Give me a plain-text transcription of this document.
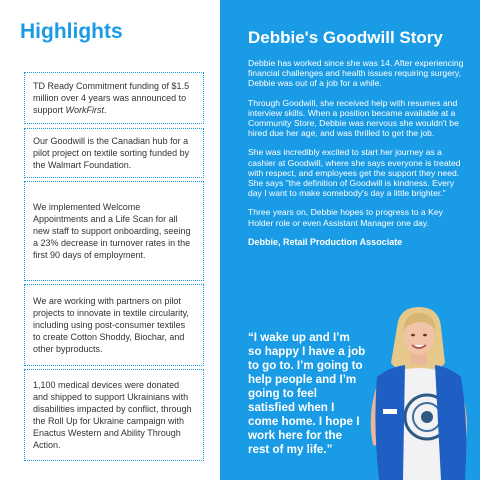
Highlights

TD Ready Commitment funding of $1.5 million over 4 years was announced to support WorkFirst.

Our Goodwill is the Canadian hub for a pilot project on textile sorting funded by the Walmart Foundation.

We implemented Welcome Appointments and a Life Scan for all new staff to support onboarding, seeing a 23% decrease in turnover rates in the first 90 days of employment.

We are working with partners on pilot projects to innovate in textile circularity, including using post-consumer textiles to create Cotton Shoddy, Biochar, and other byproducts.

1,100 medical devices were donated and shipped to support Ukrainians with disabilities impacted by conflict, through the Roll Up for Ukraine campaign with Enactus Western and Ability Through Action.

Debbie's Goodwill Story

Debbie has worked since she was 14. After experiencing financial challenges and health issues requiring surgery, Debbie was out of a job for a while.

Through Goodwill, she received help with resumes and interview skills. When a position became available at a Community Store, Debbie was nervous she wouldn't be hired due her age, and was thrilled to get the job.

She was incredibly excited to start her journey as a cashier at Goodwill, where she says everyone is treated with respect, and employees get the support they need. She says "the definition of Goodwill is kindness. Every day I want to make somebody's day a little brighter."

Three years on, Debbie hopes to progress to a Key Holder role or even Assistant Manager one day.

Debbie, Retail Production Associate

“I wake up and I’m so happy I have a job to go to. I’m going to help people and I’m going to feel satisfied when I come home. I hope I work here for the rest of my life.”
